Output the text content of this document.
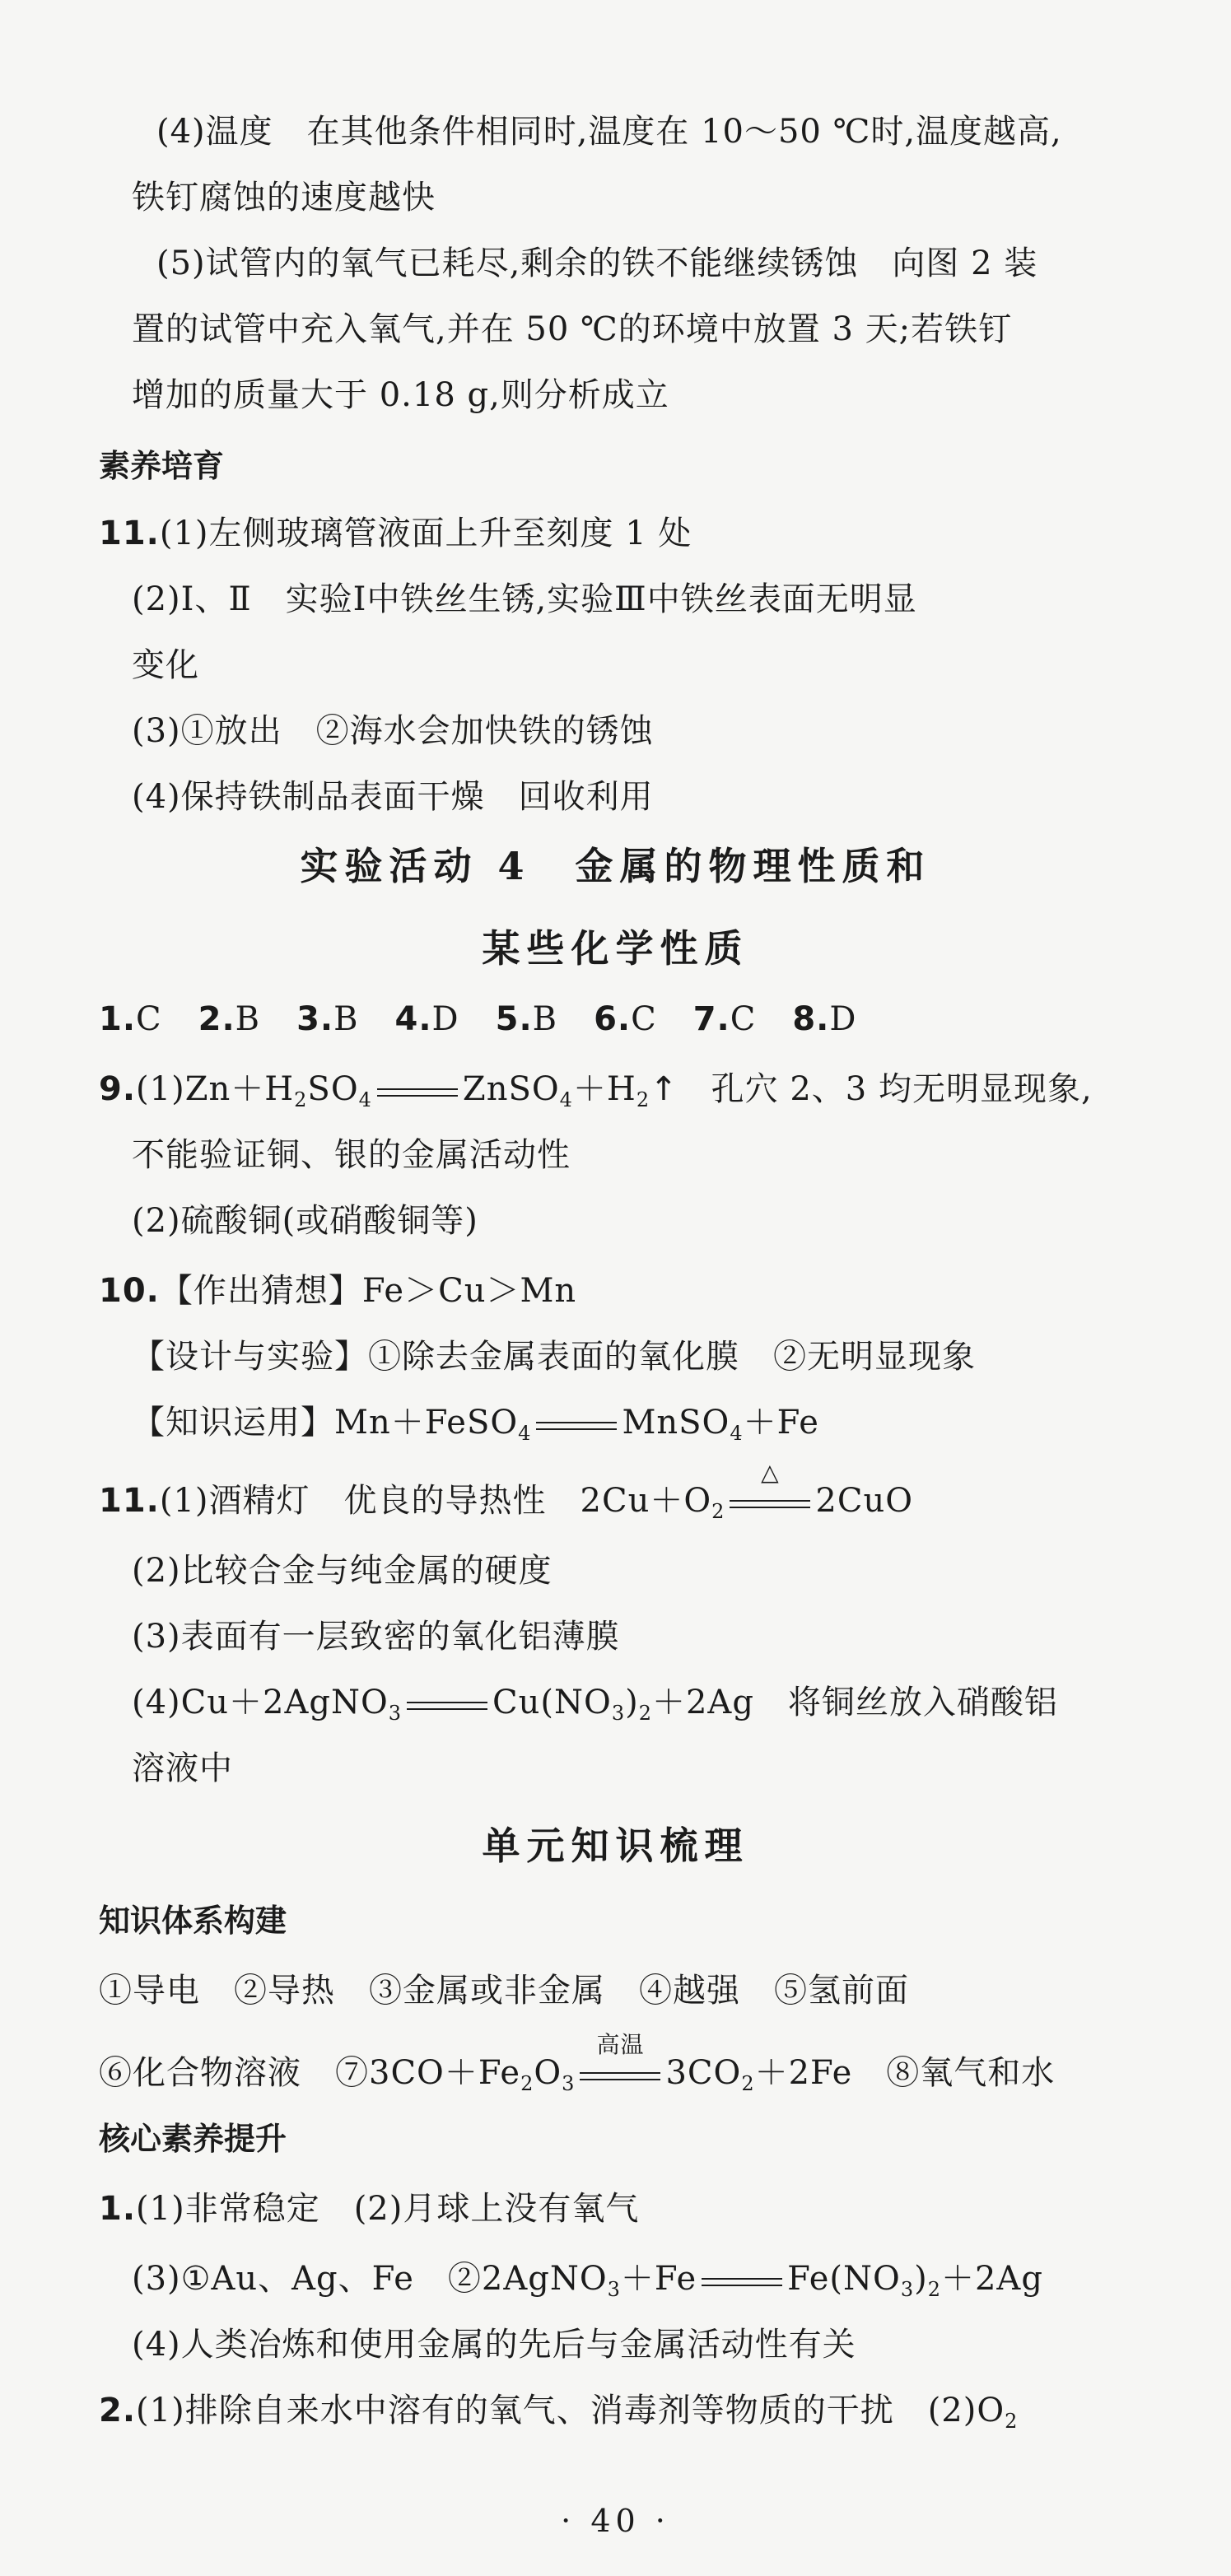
(4)温度　在其他条件相同时,温度在 10～50 ℃时,温度越高,
铁钉腐蚀的速度越快
(5)试管内的氧气已耗尽,剩余的铁不能继续锈蚀　向图 2 装
置的试管中充入氧气,并在 50 ℃的环境中放置 3 天;若铁钉
增加的质量大于 0.18 g,则分析成立
素养培育
11.(1)左侧玻璃管液面上升至刻度 1 处
(2)Ⅰ、Ⅱ　实验Ⅰ中铁丝生锈,实验Ⅲ中铁丝表面无明显
变化
(3)①放出　②海水会加快铁的锈蚀
(4)保持铁制品表面干燥　回收利用
实验活动 4　金属的物理性质和
某些化学性质
1.C 2.B 3.B 4.D 5.B 6.C 7.C 8.D
$9.(1)Zn+H_2SO_4$	$ZnSO_4+H_2↑$ 孔穴 2、3 均无明显现象,
不能验证铜、银的金属活动性
(2)硫酸铜(或硝酸铜等)
10.【作出猜想】Fe＞Cu＞Mn
【设计与实验】①除去金属表面的氧化膜　②无明显现象
【知识运用】Mn＋FeSO$_4$	MnSO$_4$＋Fe
11.(1)酒精灯　优良的导热性　$2Cu+O_2$
△
2CuO
(2)比较合金与纯金属的硬度
(3)表面有一层致密的氧化铝薄膜
(4)Cu＋2AgNO$_3$	$Cu(NO_3)_2+2Ag$　将铜丝放入硝酸铝
溶液中
单元知识梳理
知识体系构建
①导电　②导热　③金属或非金属　④越强　⑤氢前面
⑥化合物溶液　$⑦3CO+Fe_2O_3$
高温
$3CO_2+2Fe$　⑧氧气和水
核心素养提升
1.(1)非常稳定　(2)月球上没有氧气
(3)①Au、Ag、Fe　②2AgNO$_3$＋Fe	$Fe(NO_3)_2+2Ag$
(4)人类冶炼和使用金属的先后与金属活动性有关
2.(1)排除自来水中溶有的氧气、消毒剂等物质的干扰　$(2)O_2$
· 40 ·
